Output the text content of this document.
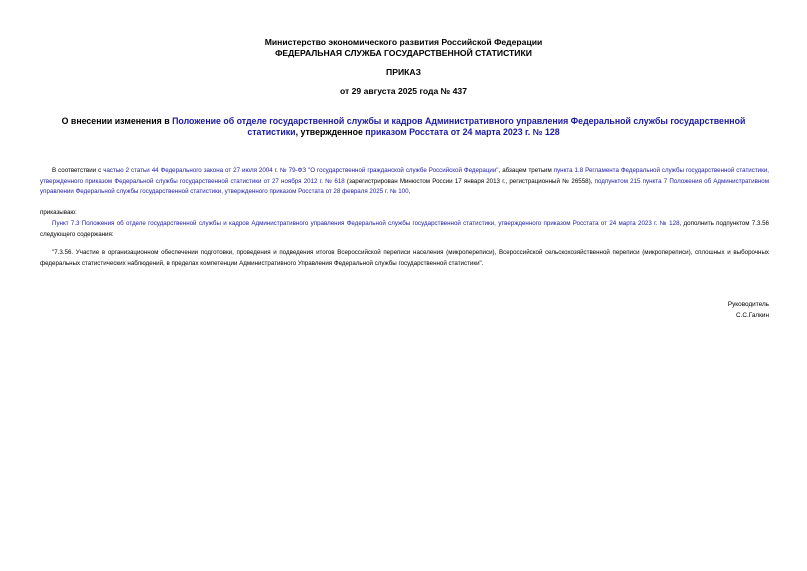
Министерство экономического развития Российской Федерации
ФЕДЕРАЛЬНАЯ СЛУЖБА ГОСУДАРСТВЕННОЙ СТАТИСТИКИ
ПРИКАЗ
от 29 августа 2025 года № 437
О внесении изменения в Положение об отделе государственной службы и кадров Административного управления Федеральной службы государственной статистики, утвержденное приказом Росстата от 24 марта 2023 г. № 128
В соответствии с частью 2 статьи 44 Федерального закона от 27 июля 2004 г. № 79-ФЗ "О государственной гражданской службе Российской Федерации", абзацем третьим пункта 1.8 Регламента Федеральной службы государственной статистики, утвержденного приказом Федеральной службы государственной статистики от 27 ноября 2012 г. № 618 (зарегистрирован Минюстом России 17 января 2013 г., регистрационный № 26558), подпунктом 215 пункта 7 Положения об Административном управлении Федеральной службы государственной статистики, утвержденного приказом Росстата от 28 февраля 2025 г. № 100,
приказываю:
Пункт 7.3 Положения об отделе государственной службы и кадров Административного управления Федеральной службы государственной статистики, утвержденного приказом Росстата от 24 марта 2023 г. № 128, дополнить подпунктом 7.3.56 следующего содержания:
"7.3.56. Участие в организационном обеспечении подготовки, проведения и подведения итогов Всероссийской переписи населения (микропереписи), Всероссийской сельскохозяйственной переписи (микропереписи), сплошных и выборочных федеральных статистических наблюдений, в пределах компетенции Административного Управления Федеральной службы государственной статистики".
Руководитель
С.С.Галкин
